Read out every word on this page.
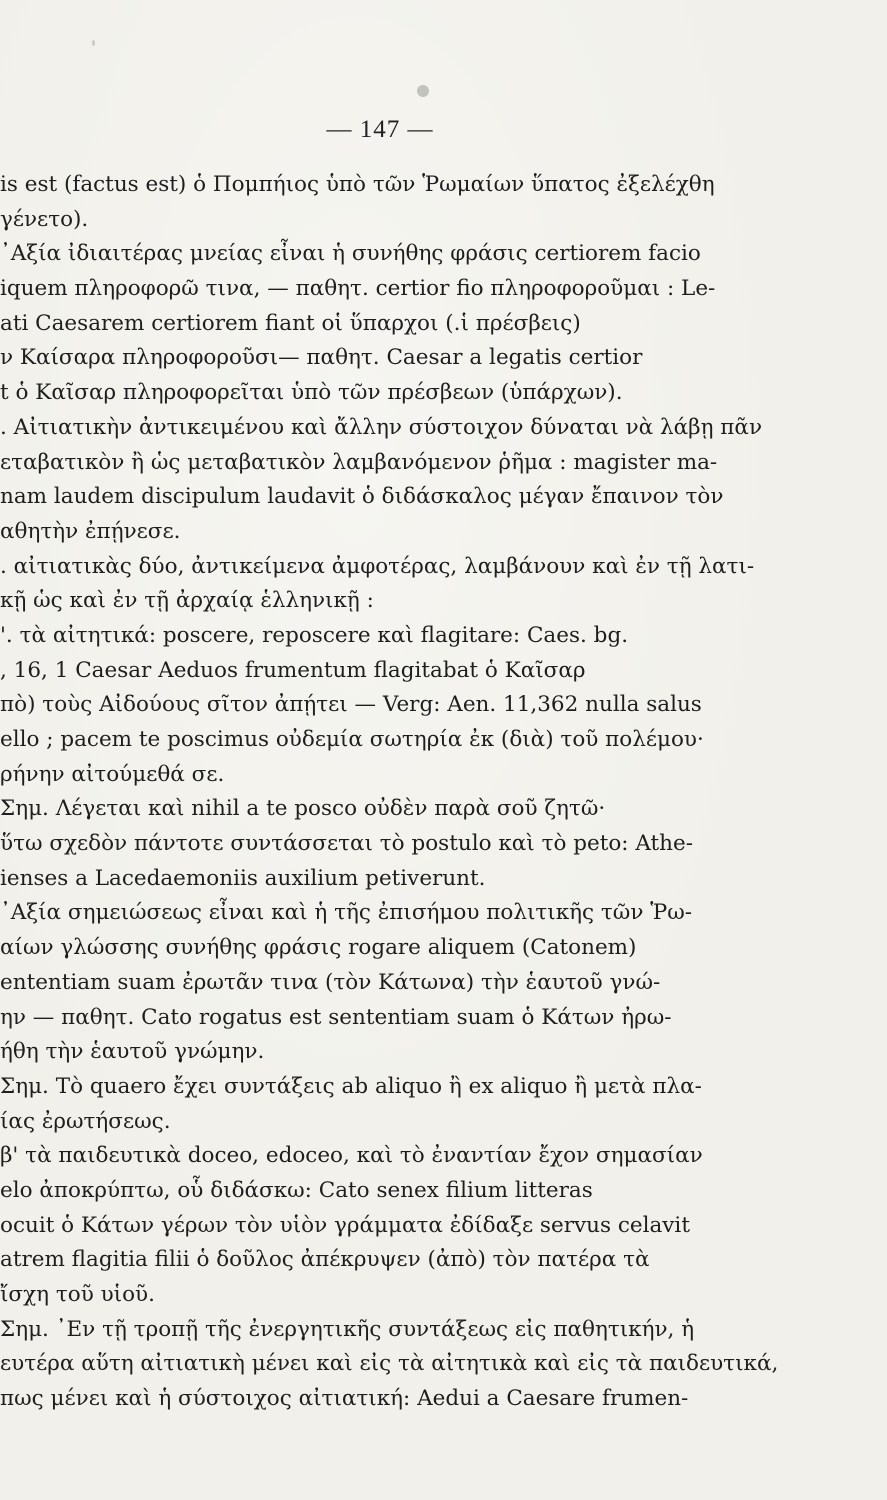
— 147 —
is est (factus est) ὁ Πομπήιος ὑπὸ τῶν Ῥωμαίων ὕπατος ἐξελέχθη
γένετο).
᾿Αξία ἰδιαιτέρας μνείας εἶναι ἡ συνήθης φράσις certiorem facio
iquem πληροφορῶ τινα, — παθητ. certior fio πληροφοροῦμαι : Le-
ati Caesarem certiorem fiant οἱ ὕπαρχοι (.ἱ πρέσβεις)
ν Καίσαρα πληροφοροῦσι— παθητ. Caesar a legatis certior
t ὁ Καῖσαρ πληροφορεῖται ὑπὸ τῶν πρέσβεων (ὑπάρχων).
. Αἰτιατικὴν ἀντικειμένου καὶ ἄλλην σύστοιχον δύναται νὰ λάβῃ πᾶν
εταβατικὸν ἢ ὡς μεταβατικὸν λαμβανόμενον ῥῆμα : magister ma-
nam laudem discipulum laudavit ὁ διδάσκαλος μέγαν ἔπαινον τὸν
αθητὴν ἐπῄνεσε.
. αἰτιατικὰς δύο, ἀντικείμενα ἀμφοτέρας, λαμβάνουν καὶ ἐν τῇ λατι-
κῇ ὡς καὶ ἐν τῇ ἀρχαίᾳ ἑλληνικῇ :
'. τὰ αἰτητικά: poscere, reposcere καὶ flagitare: Caes. bg.
, 16, 1 Caesar Aeduos frumentum flagitabat ὁ Καῖσαρ
πὸ) τοὺς Αἰδούους σῖτον ἀπῄτει — Verg: Aen. 11,362 nulla salus
ello ; pacem te poscimus οὐδεμία σωτηρία ἐκ (διὰ) τοῦ πολέμου·
ρήνην αἰτούμεθά σε.
Σημ. Λέγεται καὶ nihil a te posco οὐδὲν παρὰ σοῦ ζητῶ·
ὕτω σχεδὸν πάντοτε συντάσσεται τὸ postulo καὶ τὸ peto: Athe-
ienses a Lacedaemoniis auxilium petiverunt.
᾿Αξία σημειώσεως εἶναι καὶ ἡ τῆς ἐπισήμου πολιτικῆς τῶν Ῥω-
αίων γλώσσης συνήθης φράσις rogare aliquem (Catonem)
ententiam suam ἐρωτᾶν τινα (τὸν Κάτωνα) τὴν ἑαυτοῦ γνώ-
ην — παθητ. Cato rogatus est sententiam suam ὁ Κάτων ἠρω-
ήθη τὴν ἑαυτοῦ γνώμην.
Σημ. Τὸ quaero ἔχει συντάξεις ab aliquo ἢ ex aliquo ἢ μετὰ πλα-
ίας ἐρωτήσεως.
β' τὰ παιδευτικὰ doceo, edoceo, καὶ τὸ ἐναντίαν ἔχον σημασίαν
elo ἀποκρύπτω, οὗ διδάσκω: Cato senex filium litteras
ocuit ὁ Κάτων γέρων τὸν υἱὸν γράμματα ἐδίδαξε servus celavit
atrem flagitia filii ὁ δοῦλος ἀπέκρυψεν (ἀπὸ) τὸν πατέρα τὰ
ἴσχη τοῦ υἱοῦ.
Σημ. ᾿Εν τῇ τροπῇ τῆς ἐνεργητικῆς συντάξεως εἰς παθητικήν, ἡ
ευτέρα αὕτη αἰτιατικὴ μένει καὶ εἰς τὰ αἰτητικὰ καὶ εἰς τὰ παιδευτικά,
πως μένει καὶ ἡ σύστοιχος αἰτιατική: Aedui a Caesare frumen-
